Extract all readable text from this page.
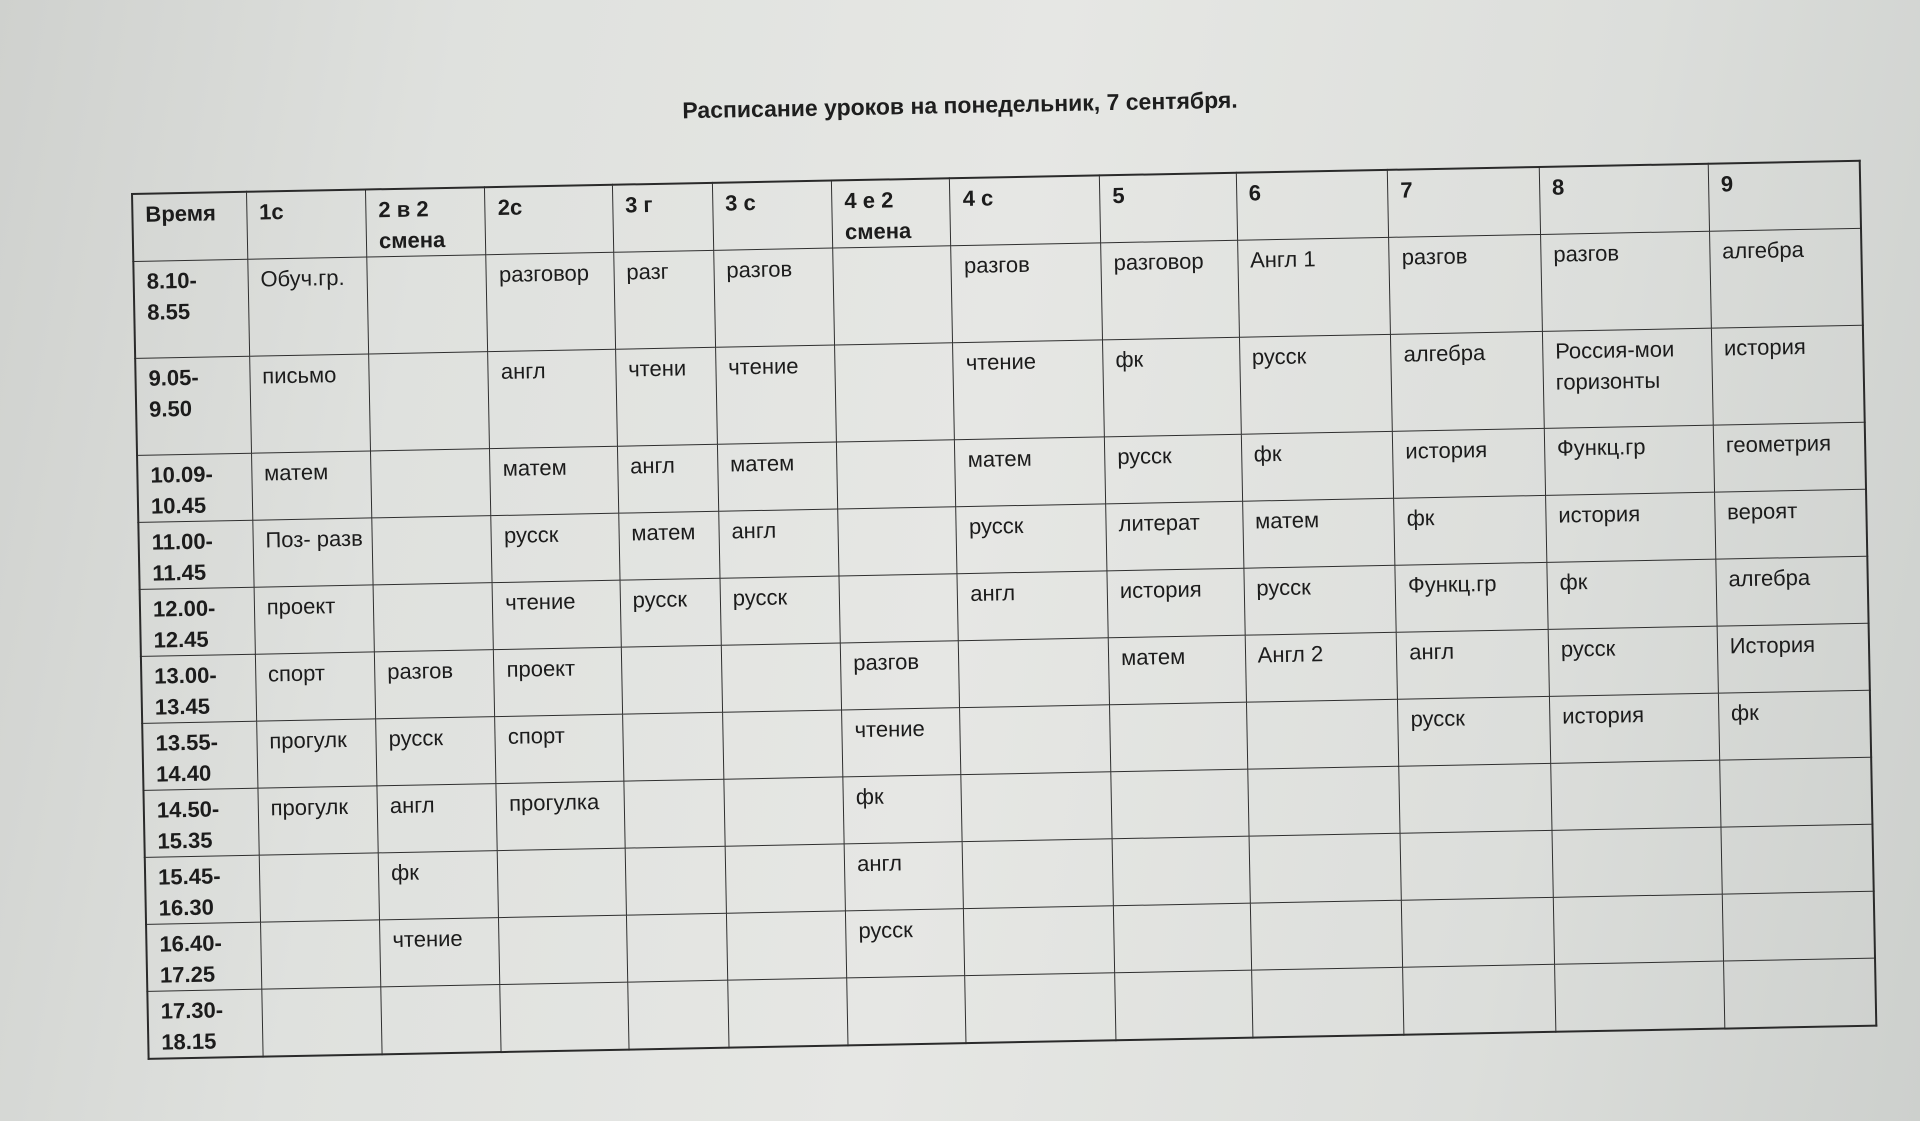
Расписание уроков на понедельник, 7 сентября.
Время	1с	2 в 2 смена	2с	3 г	3 с	4 е 2 смена	4 с	5	6	7	8	9
8.10- 8.55	Обуч.гр.		разговор	разг	разгов		разгов	разговор	Англ 1	разгов	разгов	алгебра
9.05- 9.50	письмо		англ	чтени	чтение		чтение	фк	русск	алгебра	Россия-мои горизонты	история
10.09- 10.45	матем		матем	англ	матем		матем	русск	фк	история	Функц.гр	геометрия
11.00- 11.45	Поз- разв		русск	матем	англ		русск	литерат	матем	фк	история	вероят
12.00- 12.45	проект		чтение	русск	русск		англ	история	русск	Функц.гр	фк	алгебра
13.00- 13.45	спорт	разгов	проект			разгов		матем	Англ 2	англ	русск	История
13.55- 14.40	прогулк	русск	спорт			чтение				русск	история	фк
14.50- 15.35	прогулк	англ	прогулка			фк						
15.45- 16.30		фк				англ						
16.40- 17.25		чтение				русск						
17.30- 18.15												
